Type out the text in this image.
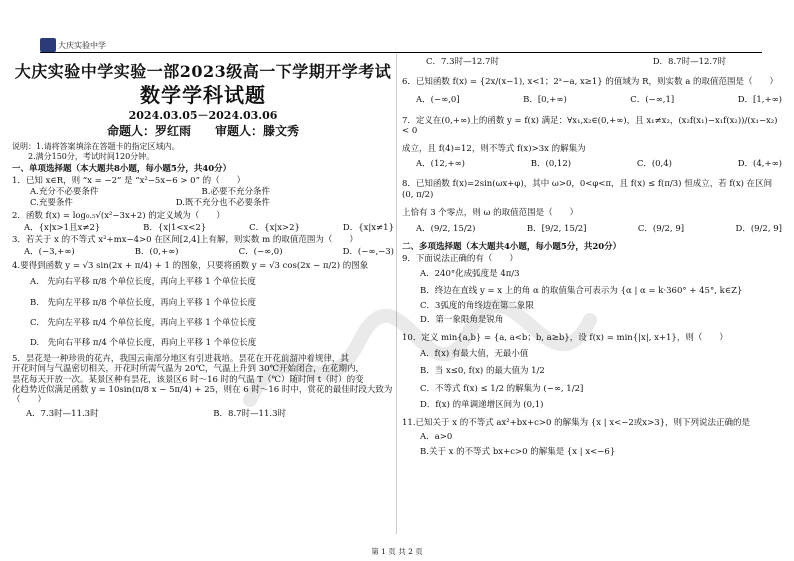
大庆实验中学
大庆实验中学实验一部2023级高一下学期开学考试
数学学科试题
2024.03.05－2024.03.06
命题人：罗红雨　　审题人：滕文秀
说明：1.请将答案填涂在答题卡的指定区域内。
　　2.满分150分，考试时间120分钟。
一、单项选择题（本大题共8小题，每小题5分，共40分）
1．已知 x∈R，则 “x = −2” 是 “x²−5x−6 > 0” 的（　　）
A.充分不必要条件	B.必要不充分条件
C.充要条件	D.既不充分也不必要条件
2．函数 f(x) = log₀.₅√(x²−3x+2) 的定义域为（　　）
A．{x|x>1且x≠2}	B．{x|1<x<2}	C．{x|x>2}	D．{x|x≠1}
3．若关于 x 的不等式 x²+mx−4>0 在区间[2,4]上有解，则实数 m 的取值范围为（　　）
A．(−3,+∞)	B．(0,+∞)	C．(−∞,0)	D．(−∞,−3)
4.要得到函数 y = √3 sin(2x + π/4) + 1 的图象，只要将函数 y = √3 cos(2x − π/2) 的图象
A.　先向右平移 π/8 个单位长度，再向上平移 1 个单位长度
B.　先向左平移 π/8 个单位长度，再向上平移 1 个单位长度
C.　先向左平移 π/4 个单位长度，再向上平移 1 个单位长度
D.　先向右平移 π/4 个单位长度，再向上平移 1 个单位长度
5．昙花是一种珍贵的花卉，我国云南部分地区有引进栽培。昙花在开花前溜冲着规律，其
开花时间与气温密切相关，开花时所需气温为 20℃，气温上升到 30℃开始闭合，在花期内，
昙花每天开放一次。某景区种有昙花，该景区6 时～16 时的气温 T（℃）随时间 t（时）的变
化趋势近似满足函数 y = 10sin(π/8 x − 5π/4) + 25，则在 6 时～16 时中，赏花的最佳时段大致为（　　）
A．7.3时—11.3时	B．8.7时—11.3时
C．7.3时—12.7时	D．8.7时—12.7时
6．已知函数 f(x) = {2x/(x−1), x<1；2ˣ−a, x≥1} 的值域为 R，则实数 a 的取值范围是（　　）
A．(−∞,0]	B．[0,+∞)	C．(−∞,1]	D．[1,+∞)
7．定义在(0,+∞)上的函数 y = f(x) 满足：∀x₁,x₂∈(0,+∞)，且 x₁≠x₂，(x₂f(x₁)−x₁f(x₂))/(x₁−x₂) < 0
成立，且 f(4)=12，则不等式 f(x)>3x 的解集为
A．(12,+∞)	B．(0,12)	C．(0,4)	D．(4,+∞)
8．已知函数 f(x)=2sin(ωx+φ)，其中 ω>0，0<φ<π，且 f(x) ≤ f(π/3) 恒成立，若 f(x) 在区间(0, π/2)
上恰有 3 个零点，则 ω 的取值范围是（　　）
A．(9/2, 15/2)	B．[9/2, 15/2]	C．(9/2, 9]	D．(9/2, 9]
二、多项选择题（本大题共4小题，每小题5分，共20分）
9．下面说法正确的有（　　）
A．240°化成弧度是 4π/3
B．终边在直线 y = x 上的角 α 的取值集合可表示为 {α | α = k·360° + 45°, k∈Z}
C．3弧度的角终边在第二象限
D．第一象限角是锐角
10．定义 min{a,b} = {a, a<b；b, a≥b}，设 f(x) = min{|x|, x+1}，则（　　）
A．f(x) 有最大值，无最小值
B．当 x≤0, f(x) 的最大值为 1/2
C．不等式 f(x) ≤ 1/2 的解集为 (−∞, 1/2]
D．f(x) 的单调递增区间为 (0,1)
11.已知关于 x 的不等式 ax²+bx+c>0 的解集为 {x | x<−2或x>3}，则下列说法正确的是
A．a>0
B.关于 x 的不等式 bx+c>0 的解集是 {x | x<−6}
第 1 页 共 2 页
